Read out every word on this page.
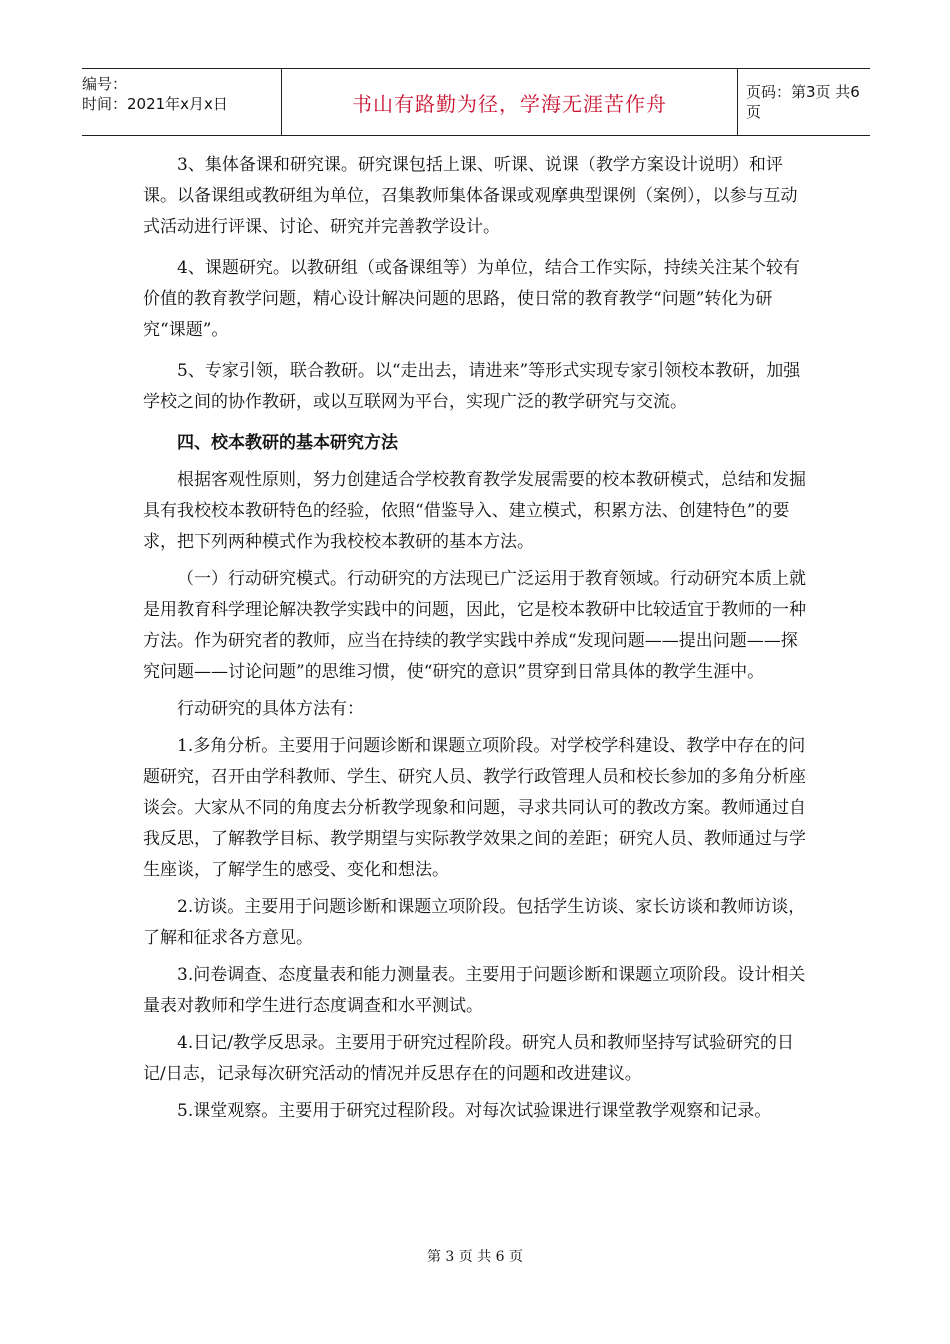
编号：
时间：2021年x月x日	书山有路勤为径，学海无涯苦作舟	页码：第3页 共6页

3、集体备课和研究课。研究课包括上课、听课、说课（教学方案设计说明）和评课。以备课组或教研组为单位，召集教师集体备课或观摩典型课例（案例），以参与互动式活动进行评课、讨论、研究并完善教学设计。

4、课题研究。以教研组（或备课组等）为单位，结合工作实际，持续关注某个较有价值的教育教学问题，精心设计解决问题的思路，使日常的教育教学“问题”转化为研究“课题”。

5、专家引领，联合教研。以“走出去，请进来”等形式实现专家引领校本教研，加强学校之间的协作教研，或以互联网为平台，实现广泛的教学研究与交流。

四、校本教研的基本研究方法

根据客观性原则，努力创建适合学校教育教学发展需要的校本教研模式，总结和发掘具有我校校本教研特色的经验，依照“借鉴导入、建立模式，积累方法、创建特色”的要求，把下列两种模式作为我校校本教研的基本方法。

（一）行动研究模式。行动研究的方法现已广泛运用于教育领域。行动研究本质上就是用教育科学理论解决教学实践中的问题，因此，它是校本教研中比较适宜于教师的一种方法。作为研究者的教师，应当在持续的教学实践中养成“发现问题——提出问题——探究问题——讨论问题”的思维习惯，使“研究的意识”贯穿到日常具体的教学生涯中。

行动研究的具体方法有：

1.多角分析。主要用于问题诊断和课题立项阶段。对学校学科建设、教学中存在的问题研究，召开由学科教师、学生、研究人员、教学行政管理人员和校长参加的多角分析座谈会。大家从不同的角度去分析教学现象和问题，寻求共同认可的教改方案。教师通过自我反思，了解教学目标、教学期望与实际教学效果之间的差距；研究人员、教师通过与学生座谈，了解学生的感受、变化和想法。

2.访谈。主要用于问题诊断和课题立项阶段。包括学生访谈、家长访谈和教师访谈，了解和征求各方意见。

3.问卷调查、态度量表和能力测量表。主要用于问题诊断和课题立项阶段。设计相关量表对教师和学生进行态度调查和水平测试。

4.日记/教学反思录。主要用于研究过程阶段。研究人员和教师坚持写试验研究的日记/日志，记录每次研究活动的情况并反思存在的问题和改进建议。

5.课堂观察。主要用于研究过程阶段。对每次试验课进行课堂教学观察和记录。

第 3 页 共 6 页
